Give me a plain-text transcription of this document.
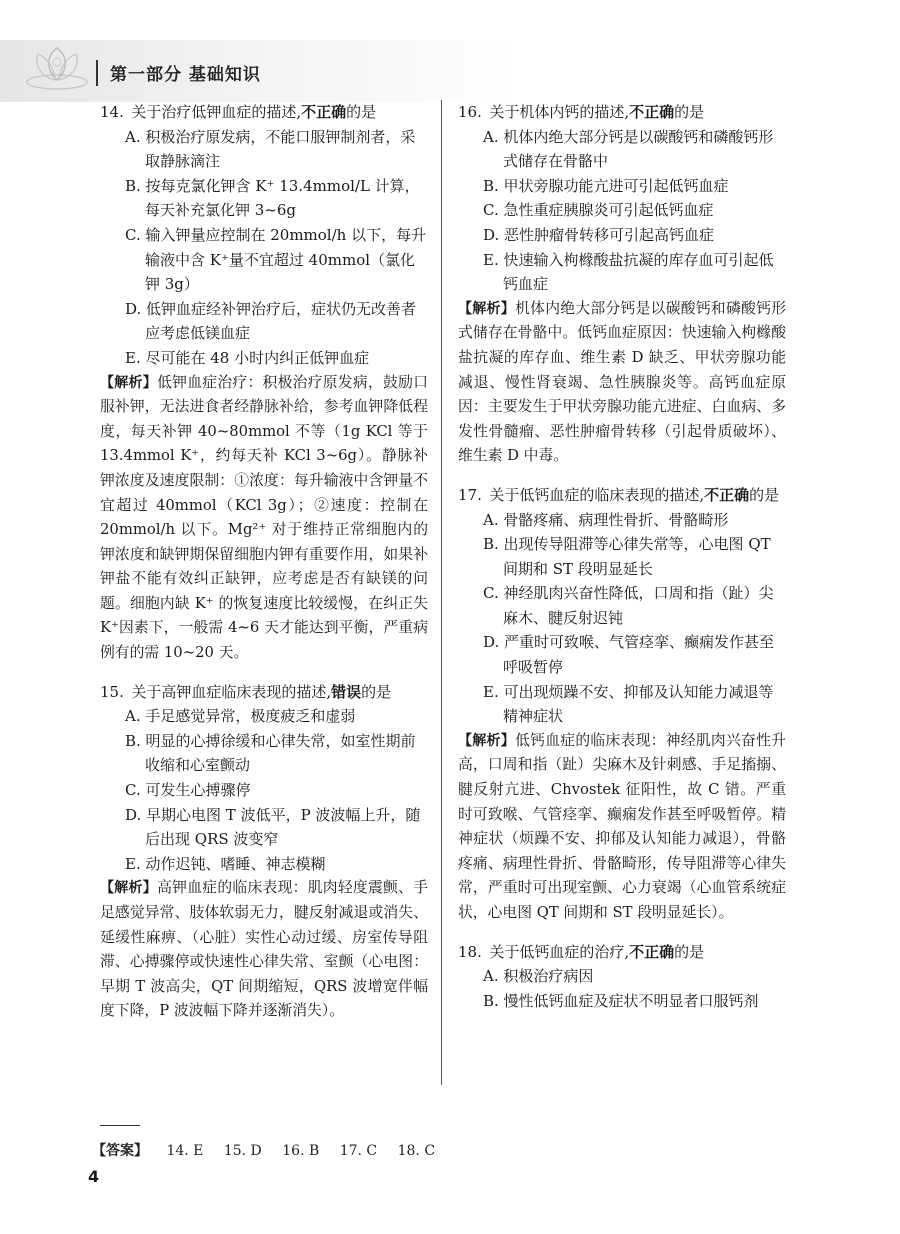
第一部分 基础知识
14. 关于治疗低钾血症的描述,不正确的是
A. 积极治疗原发病，不能口服钾制剂者，采取静脉滴注
B. 按每克氯化钾含 K⁺ 13.4mmol/L 计算，每天补充氯化钾 3~6g
C. 输入钾量应控制在 20mmol/h 以下，每升输液中含 K⁺量不宜超过 40mmol（氯化钾 3g）
D. 低钾血症经补钾治疗后，症状仍无改善者应考虑低镁血症
E. 尽可能在 48 小时内纠正低钾血症
【解析】低钾血症治疗：积极治疗原发病，鼓励口服补钾，无法进食者经静脉补给，参考血钾降低程度，每天补钾 40~80mmol 不等（1g KCl 等于 13.4mmol K⁺，约每天补 KCl 3~6g）。静脉补钾浓度及速度限制：①浓度：每升输液中含钾量不宜超过 40mmol（KCl 3g）；②速度：控制在 20mmol/h 以下。Mg²⁺ 对于维持正常细胞内的钾浓度和缺钾期保留细胞内钾有重要作用，如果补钾盐不能有效纠正缺钾，应考虑是否有缺镁的问题。细胞内缺 K⁺ 的恢复速度比较缓慢，在纠正失 K⁺因素下，一般需 4~6 天才能达到平衡，严重病例有的需 10~20 天。
15. 关于高钾血症临床表现的描述,错误的是
A. 手足感觉异常，极度疲乏和虚弱
B. 明显的心搏徐缓和心律失常，如室性期前收缩和心室颤动
C. 可发生心搏骤停
D. 早期心电图 T 波低平，P 波波幅上升，随后出现 QRS 波变窄
E. 动作迟钝、嗜睡、神志模糊
【解析】高钾血症的临床表现：肌肉轻度震颤、手足感觉异常、肢体软弱无力，腱反射减退或消失、延缓性麻痹、（心脏）实性心动过缓、房室传导阻滞、心搏骤停或快速性心律失常、室颤（心电图：早期 T 波高尖，QT 间期缩短，QRS 波增宽伴幅度下降，P 波波幅下降并逐渐消失）。
16. 关于机体内钙的描述,不正确的是
A. 机体内绝大部分钙是以碳酸钙和磷酸钙形式储存在骨骼中
B. 甲状旁腺功能亢进可引起低钙血症
C. 急性重症胰腺炎可引起低钙血症
D. 恶性肿瘤骨转移可引起高钙血症
E. 快速输入枸橼酸盐抗凝的库存血可引起低钙血症
【解析】机体内绝大部分钙是以碳酸钙和磷酸钙形式储存在骨骼中。低钙血症原因：快速输入枸橼酸盐抗凝的库存血、维生素 D 缺乏、甲状旁腺功能减退、慢性肾衰竭、急性胰腺炎等。高钙血症原因：主要发生于甲状旁腺功能亢进症、白血病、多发性骨髓瘤、恶性肿瘤骨转移（引起骨质破坏）、维生素 D 中毒。
17. 关于低钙血症的临床表现的描述,不正确的是
A. 骨骼疼痛、病理性骨折、骨骼畸形
B. 出现传导阻滞等心律失常等，心电图 QT 间期和 ST 段明显延长
C. 神经肌肉兴奋性降低，口周和指（趾）尖麻木、腱反射迟钝
D. 严重时可致喉、气管痉挛、癫痫发作甚至呼吸暂停
E. 可出现烦躁不安、抑郁及认知能力减退等精神症状
【解析】低钙血症的临床表现：神经肌肉兴奋性升高，口周和指（趾）尖麻木及针刺感、手足搐搦、腱反射亢进、Chvostek 征阳性，故 C 错。严重时可致喉、气管痉挛、癫痫发作甚至呼吸暂停。精神症状（烦躁不安、抑郁及认知能力减退），骨骼疼痛、病理性骨折、骨骼畸形，传导阻滞等心律失常，严重时可出现室颤、心力衰竭（心血管系统症状，心电图 QT 间期和 ST 段明显延长）。
18. 关于低钙血症的治疗,不正确的是
A. 积极治疗病因
B. 慢性低钙血症及症状不明显者口服钙剂
【答案】 14. E 15. D 16. B 17. C 18. C
4
